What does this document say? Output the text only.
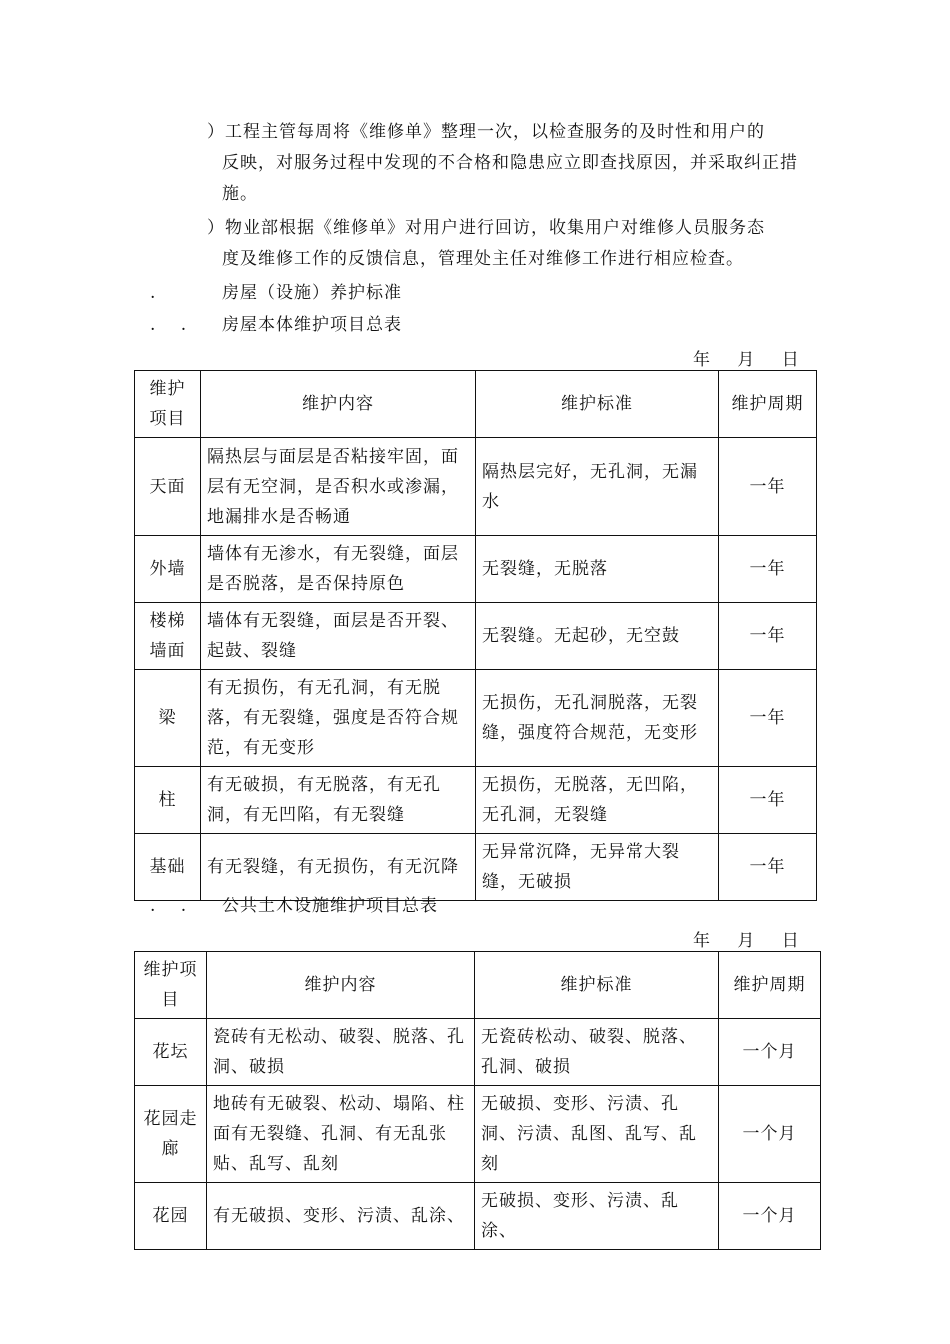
）工程主管每周将《维修单》整理一次，以检查服务的及时性和用户的
反映，对服务过程中发现的不合格和隐患应立即查找原因，并采取纠正措施。
）物业部根据《维修单》对用户进行回访，收集用户对维修人员服务态
度及维修工作的反馈信息，管理处主任对维修工作进行相应检查。
.	房屋（设施）养护标准
. . 房屋本体维护项目总表
年 月 日
维护项目	维护内容	维护标准	维护周期
天面	隔热层与面层是否粘接牢固，面层有无空洞，是否积水或渗漏，地漏排水是否畅通	隔热层完好，无孔洞，无漏水	一年
外墙	墙体有无渗水，有无裂缝，面层是否脱落，是否保持原色	无裂缝，无脱落	一年
楼梯墙面	墙体有无裂缝，面层是否开裂、起鼓、裂缝	无裂缝。无起砂，无空鼓	一年
梁	有无损伤，有无孔洞，有无脱落，有无裂缝，强度是否符合规范，有无变形	无损伤，无孔洞脱落，无裂缝，强度符合规范，无变形	一年
柱	有无破损，有无脱落，有无孔洞，有无凹陷，有无裂缝	无损伤，无脱落，无凹陷，无孔洞，无裂缝	一年
基础	有无裂缝，有无损伤，有无沉降	无异常沉降，无异常大裂缝，无破损	一年
. . 公共土木设施维护项目总表
年 月 日
维护项目	维护内容	维护标准	维护周期
花坛	瓷砖有无松动、破裂、脱落、孔洞、破损	无瓷砖松动、破裂、脱落、孔洞、破损	一个月
花园走廊	地砖有无破裂、松动、塌陷、柱面有无裂缝、孔洞、有无乱张贴、乱写、乱刻	无破损、变形、污渍、孔洞、污渍、乱图、乱写、乱刻	一个月
花园	有无破损、变形、污渍、乱涂、	无破损、变形、污渍、乱涂、	一个月
